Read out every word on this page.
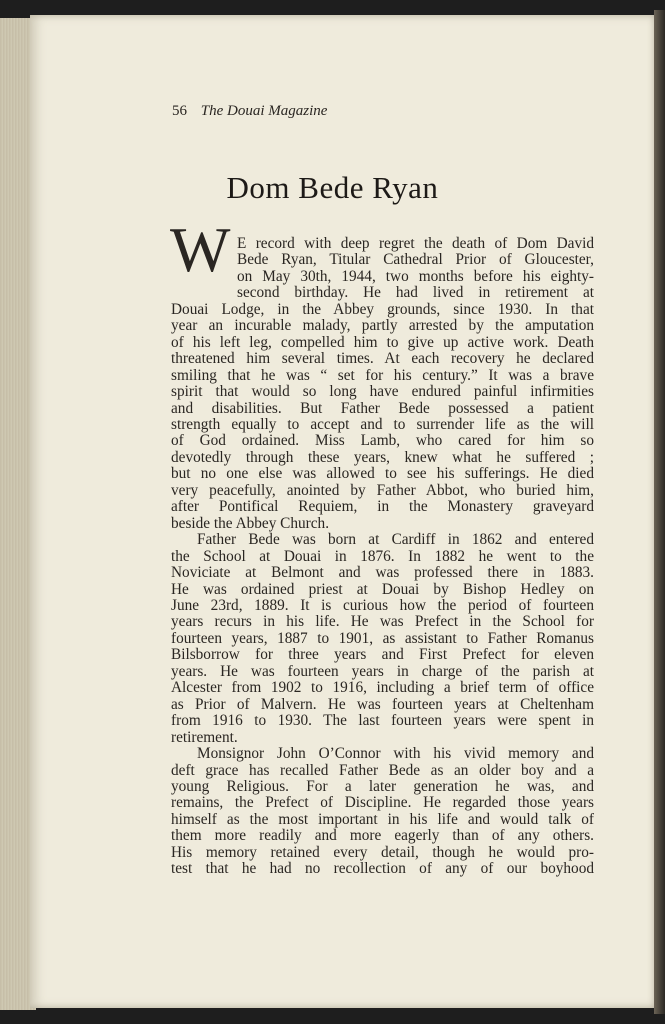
56 The Douai Magazine
Dom Bede Ryan
W E record with deep regret the death of Dom David
Bede Ryan, Titular Cathedral Prior of Gloucester,
on May 30th, 1944, two months before his eighty-
second birthday. He had lived in retirement at
Douai Lodge, in the Abbey grounds, since 1930. In that
year an incurable malady, partly arrested by the amputation
of his left leg, compelled him to give up active work. Death
threatened him several times. At each recovery he declared
smiling that he was “ set for his century.” It was a brave
spirit that would so long have endured painful infirmities
and disabilities. But Father Bede possessed a patient
strength equally to accept and to surrender life as the will
of God ordained. Miss Lamb, who cared for him so
devotedly through these years, knew what he suffered ;
but no one else was allowed to see his sufferings. He died
very peacefully, anointed by Father Abbot, who buried him,
after Pontifical Requiem, in the Monastery graveyard
beside the Abbey Church.
Father Bede was born at Cardiff in 1862 and entered
the School at Douai in 1876. In 1882 he went to the
Noviciate at Belmont and was professed there in 1883.
He was ordained priest at Douai by Bishop Hedley on
June 23rd, 1889. It is curious how the period of fourteen
years recurs in his life. He was Prefect in the School for
fourteen years, 1887 to 1901, as assistant to Father Romanus
Bilsborrow for three years and First Prefect for eleven
years. He was fourteen years in charge of the parish at
Alcester from 1902 to 1916, including a brief term of office
as Prior of Malvern. He was fourteen years at Cheltenham
from 1916 to 1930. The last fourteen years were spent in
retirement.
Monsignor John O’Connor with his vivid memory and
deft grace has recalled Father Bede as an older boy and a
young Religious. For a later generation he was, and
remains, the Prefect of Discipline. He regarded those years
himself as the most important in his life and would talk of
them more readily and more eagerly than of any others.
His memory retained every detail, though he would pro-
test that he had no recollection of any of our boyhood
